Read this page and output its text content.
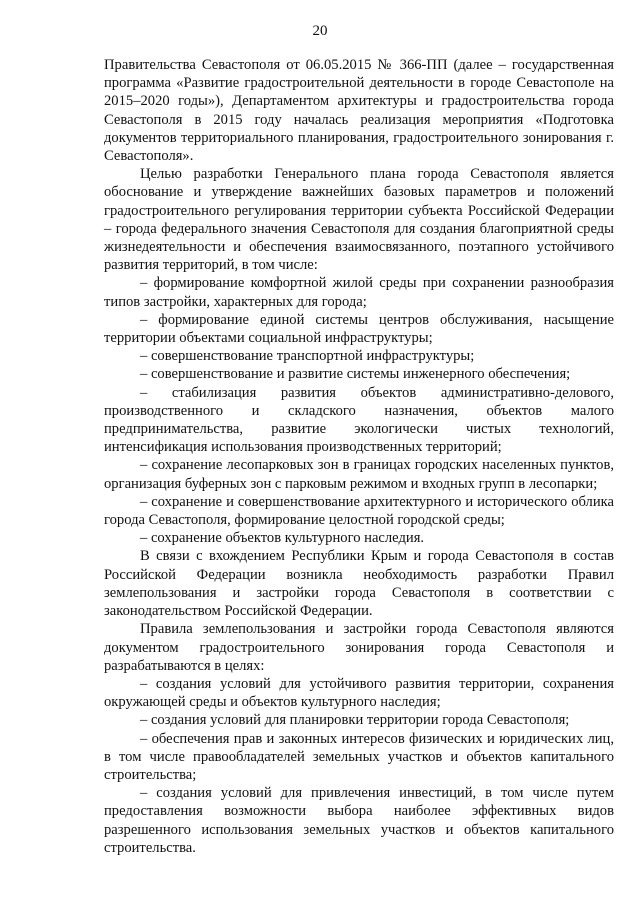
20

Правительства Севастополя от 06.05.2015 № 366-ПП (далее – государственная программа «Развитие градостроительной деятельности в городе Севастополе на 2015–2020 годы»), Департаментом архитектуры и градостроительства города Севастополя в 2015 году началась реализация мероприятия «Подготовка документов территориального планирования, градостроительного зонирования г. Севастополя».

Целью разработки Генерального плана города Севастополя является обоснование и утверждение важнейших базовых параметров и положений градостроительного регулирования территории субъекта Российской Федерации – города федерального значения Севастополя для создания благоприятной среды жизнедеятельности и обеспечения взаимосвязанного, поэтапного устойчивого развития территорий, в том числе:

– формирование комфортной жилой среды при сохранении разнообразия типов застройки, характерных для города;

– формирование единой системы центров обслуживания, насыщение территории объектами социальной инфраструктуры;

– совершенствование транспортной инфраструктуры;

– совершенствование и развитие системы инженерного обеспечения;

– стабилизация развития объектов административно-делового, производственного и складского назначения, объектов малого предпринимательства, развитие экологически чистых технологий, интенсификация использования производственных территорий;

– сохранение лесопарковых зон в границах городских населенных пунктов, организация буферных зон с парковым режимом и входных групп в лесопарки;

– сохранение и совершенствование архитектурного и исторического облика города Севастополя, формирование целостной городской среды;

– сохранение объектов культурного наследия.

В связи с вхождением Республики Крым и города Севастополя в состав Российской Федерации возникла необходимость разработки Правил землепользования и застройки города Севастополя в соответствии с законодательством Российской Федерации.

Правила землепользования и застройки города Севастополя являются документом градостроительного зонирования города Севастополя и разрабатываются в целях:

– создания условий для устойчивого развития территории, сохранения окружающей среды и объектов культурного наследия;

– создания условий для планировки территории города Севастополя;

– обеспечения прав и законных интересов физических и юридических лиц, в том числе правообладателей земельных участков и объектов капитального строительства;

– создания условий для привлечения инвестиций, в том числе путем предоставления возможности выбора наиболее эффективных видов разрешенного использования земельных участков и объектов капитального строительства.
